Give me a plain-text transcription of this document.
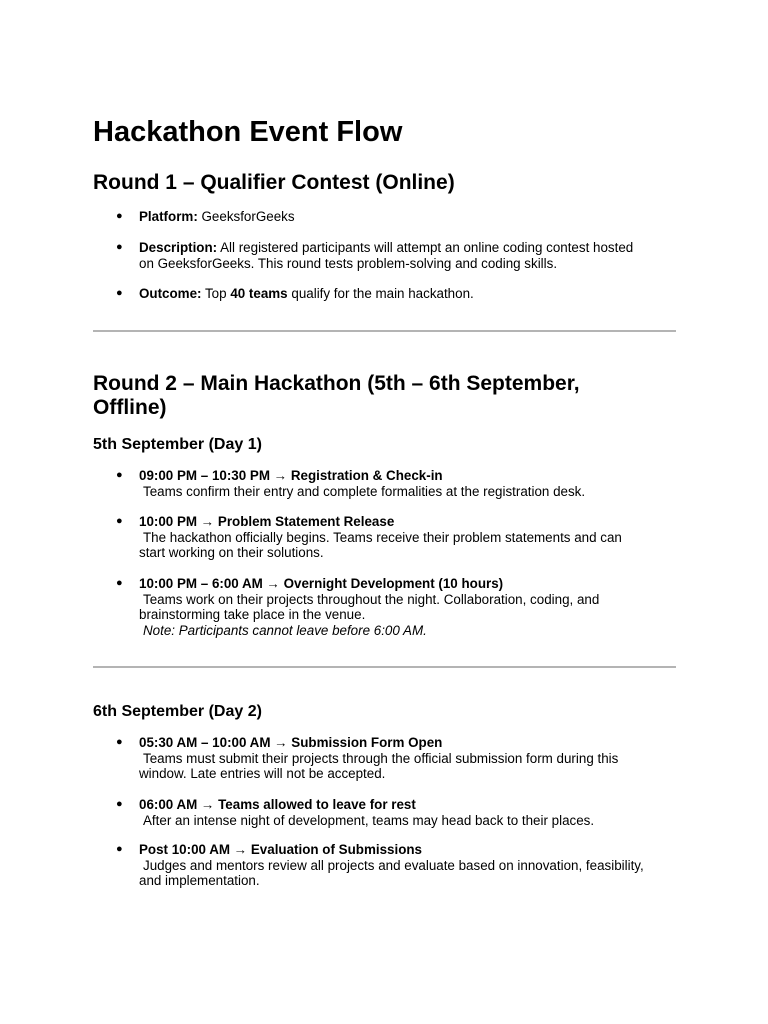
Hackathon Event Flow
Round 1 – Qualifier Contest (Online)
● Platform: GeeksforGeeks
● Description: All registered participants will attempt an online coding contest hosted
on GeeksforGeeks. This round tests problem-solving and coding skills.
● Outcome: Top 40 teams qualify for the main hackathon.
Round 2 – Main Hackathon (5th – 6th September,
Offline)
5th September (Day 1)
● 09:00 PM – 10:30 PM → Registration & Check-in
Teams confirm their entry and complete formalities at the registration desk.
● 10:00 PM → Problem Statement Release
The hackathon officially begins. Teams receive their problem statements and can
start working on their solutions.
● 10:00 PM – 6:00 AM → Overnight Development (10 hours)
Teams work on their projects throughout the night. Collaboration, coding, and
brainstorming take place in the venue.
Note: Participants cannot leave before 6:00 AM.
6th September (Day 2)
● 05:30 AM – 10:00 AM → Submission Form Open
Teams must submit their projects through the official submission form during this
window. Late entries will not be accepted.
● 06:00 AM → Teams allowed to leave for rest
After an intense night of development, teams may head back to their places.
● Post 10:00 AM → Evaluation of Submissions
Judges and mentors review all projects and evaluate based on innovation, feasibility,
and implementation.
